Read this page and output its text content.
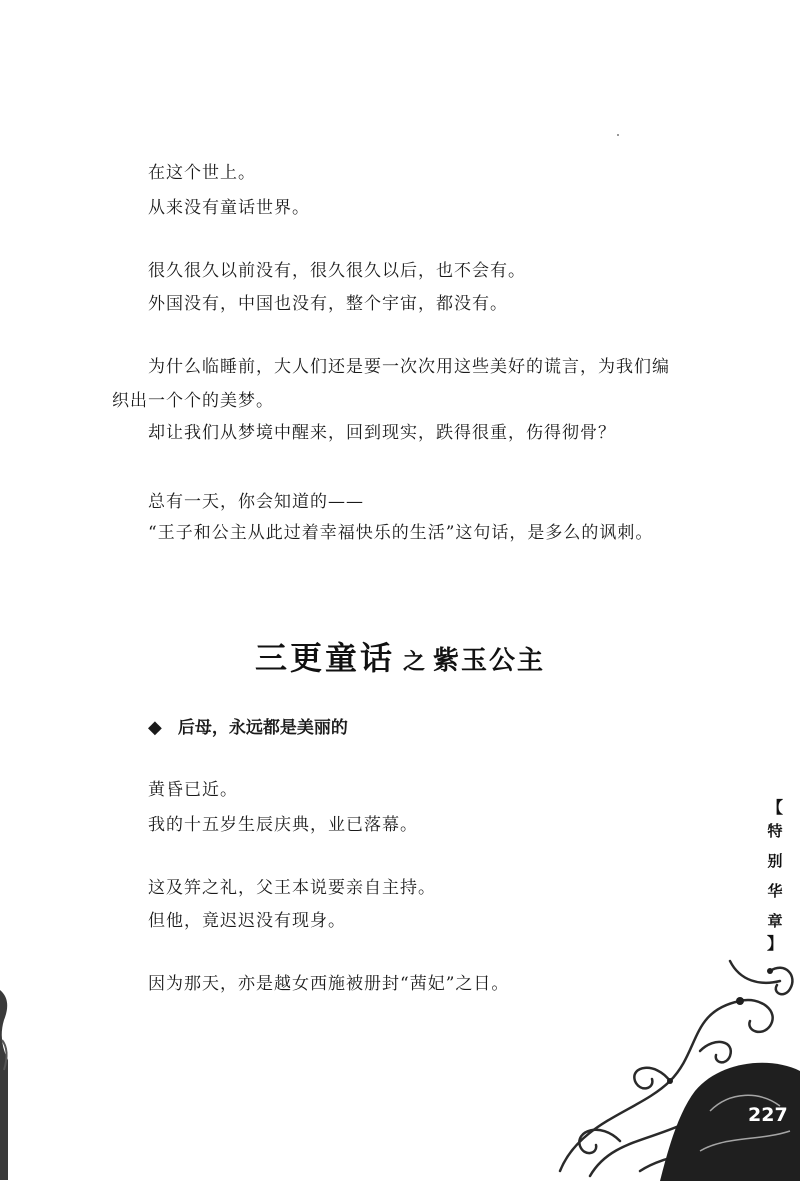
在这个世上。
从来没有童话世界。
很久很久以前没有，很久很久以后，也不会有。
外国没有，中国也没有，整个宇宙，都没有。
为什么临睡前，大人们还是要一次次用这些美好的谎言，为我们编
织出一个个的美梦。
却让我们从梦境中醒来，回到现实，跌得很重，伤得彻骨？
总有一天，你会知道的——
“王子和公主从此过着幸福快乐的生活”这句话，是多么的讽刺。
三更童话 之 紫玉公主
◆ 后母，永远都是美丽的
黄昏已近。
我的十五岁生辰庆典，业已落幕。
这及笄之礼，父王本说要亲自主持。
但他，竟迟迟没有现身。
因为那天，亦是越女西施被册封“茜妃”之日。
【
特
别
华
章
】
227
